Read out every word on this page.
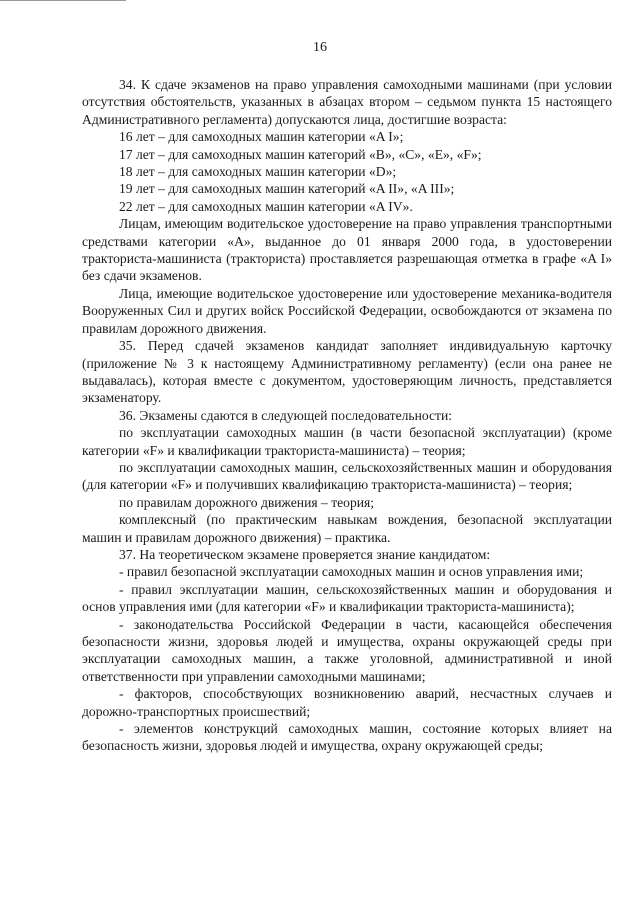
16

34. К сдаче экзаменов на право управления самоходными машинами (при условии отсутствия обстоятельств, указанных в абзацах втором – седьмом пункта 15 настоящего Административного регламента) допускаются лица, достигшие возраста:

16 лет – для самоходных машин категории «A I»;

17 лет – для самоходных машин категорий «B», «C», «E», «F»;

18 лет – для самоходных машин категории «D»;

19 лет – для самоходных машин категорий «A II», «A III»;

22 лет – для самоходных машин категории «A IV».

Лицам, имеющим водительское удостоверение на право управления транспортными средствами категории «А», выданное до 01 января 2000 года, в удостоверении тракториста-машиниста (тракториста) проставляется разрешающая отметка в графе «A I» без сдачи экзаменов.

Лица, имеющие водительское удостоверение или удостоверение механика-водителя Вооруженных Сил и других войск Российской Федерации, освобождаются от экзамена по правилам дорожного движения.

35. Перед сдачей экзаменов кандидат заполняет индивидуальную карточку (приложение № 3 к настоящему Административному регламенту) (если она ранее не выдавалась), которая вместе с документом, удостоверяющим личность, представляется экзаменатору.

36. Экзамены сдаются в следующей последовательности:

по эксплуатации самоходных машин (в части безопасной эксплуатации) (кроме категории «F» и квалификации тракториста-машиниста) – теория;

по эксплуатации самоходных машин, сельскохозяйственных машин и оборудования (для категории «F» и получивших квалификацию тракториста-машиниста) – теория;

по правилам дорожного движения – теория;

комплексный (по практическим навыкам вождения, безопасной эксплуатации машин и правилам дорожного движения) – практика.

37. На теоретическом экзамене проверяется знание кандидатом:

- правил безопасной эксплуатации самоходных машин и основ управления ими;

- правил эксплуатации машин, сельскохозяйственных машин и оборудования и основ управления ими (для категории «F» и квалификации тракториста-машиниста);

- законодательства Российской Федерации в части, касающейся обеспечения безопасности жизни, здоровья людей и имущества, охраны окружающей среды при эксплуатации самоходных машин, а также уголовной, административной и иной ответственности при управлении самоходными машинами;

- факторов, способствующих возникновению аварий, несчастных случаев и дорожно-транспортных происшествий;

- элементов конструкций самоходных машин, состояние которых влияет на безопасность жизни, здоровья людей и имущества, охрану окружающей среды;
